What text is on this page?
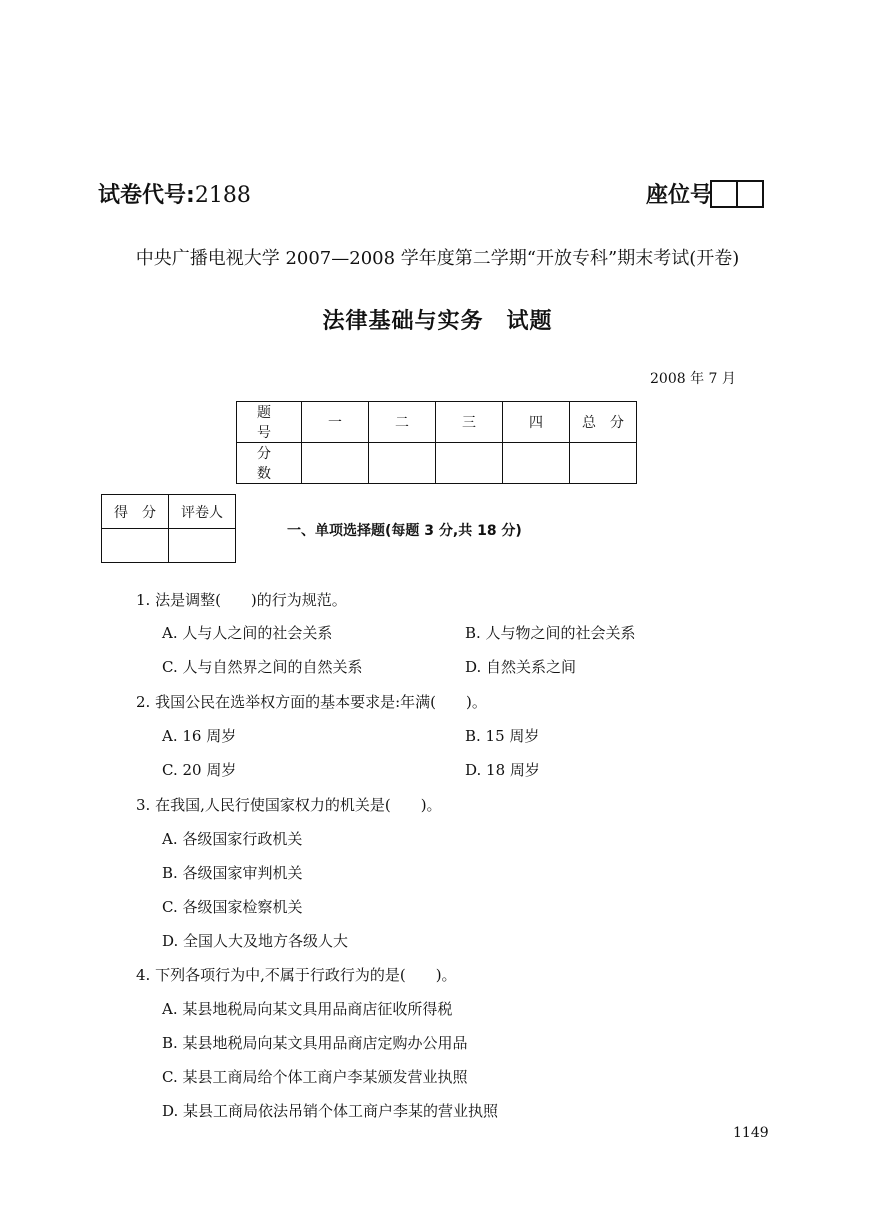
试卷代号:2188	座位号
中央广播电视大学 2007—2008 学年度第二学期“开放专科”期末考试(开卷)
法律基础与实务　试题
2008 年 7 月
题　号	一	二	三	四	总　分
分　数					
得　分	评卷人

一、单项选择题(每题 3 分,共 18 分)
1. 法是调整(　　)的行为规范。
A. 人与人之间的社会关系	B. 人与物之间的社会关系
C. 人与自然界之间的自然关系	D. 自然关系之间
2. 我国公民在选举权方面的基本要求是:年满(　　)。
A. 16 周岁	B. 15 周岁
C. 20 周岁	D. 18 周岁
3. 在我国,人民行使国家权力的机关是(　　)。
A. 各级国家行政机关
B. 各级国家审判机关
C. 各级国家检察机关
D. 全国人大及地方各级人大
4. 下列各项行为中,不属于行政行为的是(　　)。
A. 某县地税局向某文具用品商店征收所得税
B. 某县地税局向某文具用品商店定购办公用品
C. 某县工商局给个体工商户李某颁发营业执照
D. 某县工商局依法吊销个体工商户李某的营业执照
1149
